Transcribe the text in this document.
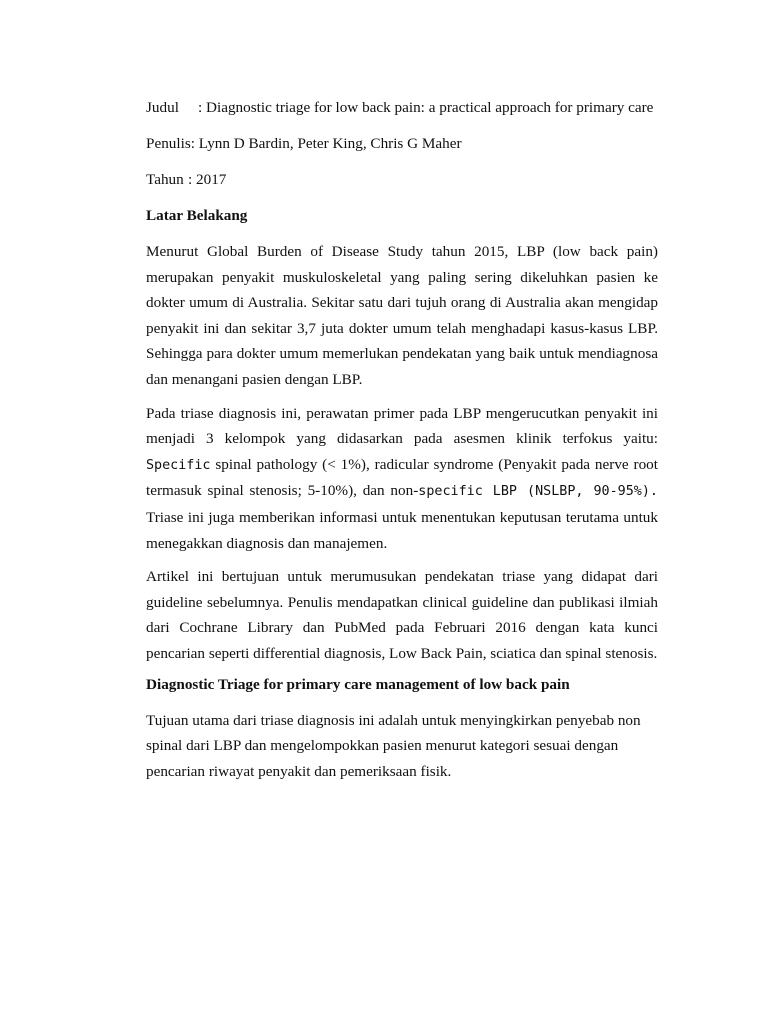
Judul : Diagnostic triage for low back pain: a practical approach for primary care
Penulis: Lynn D Bardin, Peter King, Chris G Maher
Tahun : 2017
Latar Belakang

Menurut Global Burden of Disease Study tahun 2015, LBP (low back pain) merupakan penyakit muskuloskeletal yang paling sering dikeluhkan pasien ke dokter umum di Australia. Sekitar satu dari tujuh orang di Australia akan mengidap penyakit ini dan sekitar 3,7 juta dokter umum telah menghadapi kasus-kasus LBP. Sehingga para dokter umum memerlukan pendekatan yang baik untuk mendiagnosa dan menangani pasien dengan LBP.

Pada triase diagnosis ini, perawatan primer pada LBP mengerucutkan penyakit ini menjadi 3 kelompok yang didasarkan pada asesmen klinik terfokus yaitu: Specific spinal pathology (< 1%), radicular syndrome (Penyakit pada nerve root termasuk spinal stenosis; 5-10%), dan non-specific LBP (NSLBP, 90-95%). Triase ini juga memberikan informasi untuk menentukan keputusan terutama untuk menegakkan diagnosis dan manajemen.

Artikel ini bertujuan untuk merumusukan pendekatan triase yang didapat dari guideline sebelumnya. Penulis mendapatkan clinical guideline dan publikasi ilmiah dari Cochrane Library dan PubMed pada Februari 2016 dengan kata kunci pencarian seperti differential diagnosis, Low Back Pain, sciatica dan spinal stenosis.

Diagnostic Triage for primary care management of low back pain

Tujuan utama dari triase diagnosis ini adalah untuk menyingkirkan penyebab non spinal dari LBP dan mengelompokkan pasien menurut kategori sesuai dengan pencarian riwayat penyakit dan pemeriksaan fisik.
